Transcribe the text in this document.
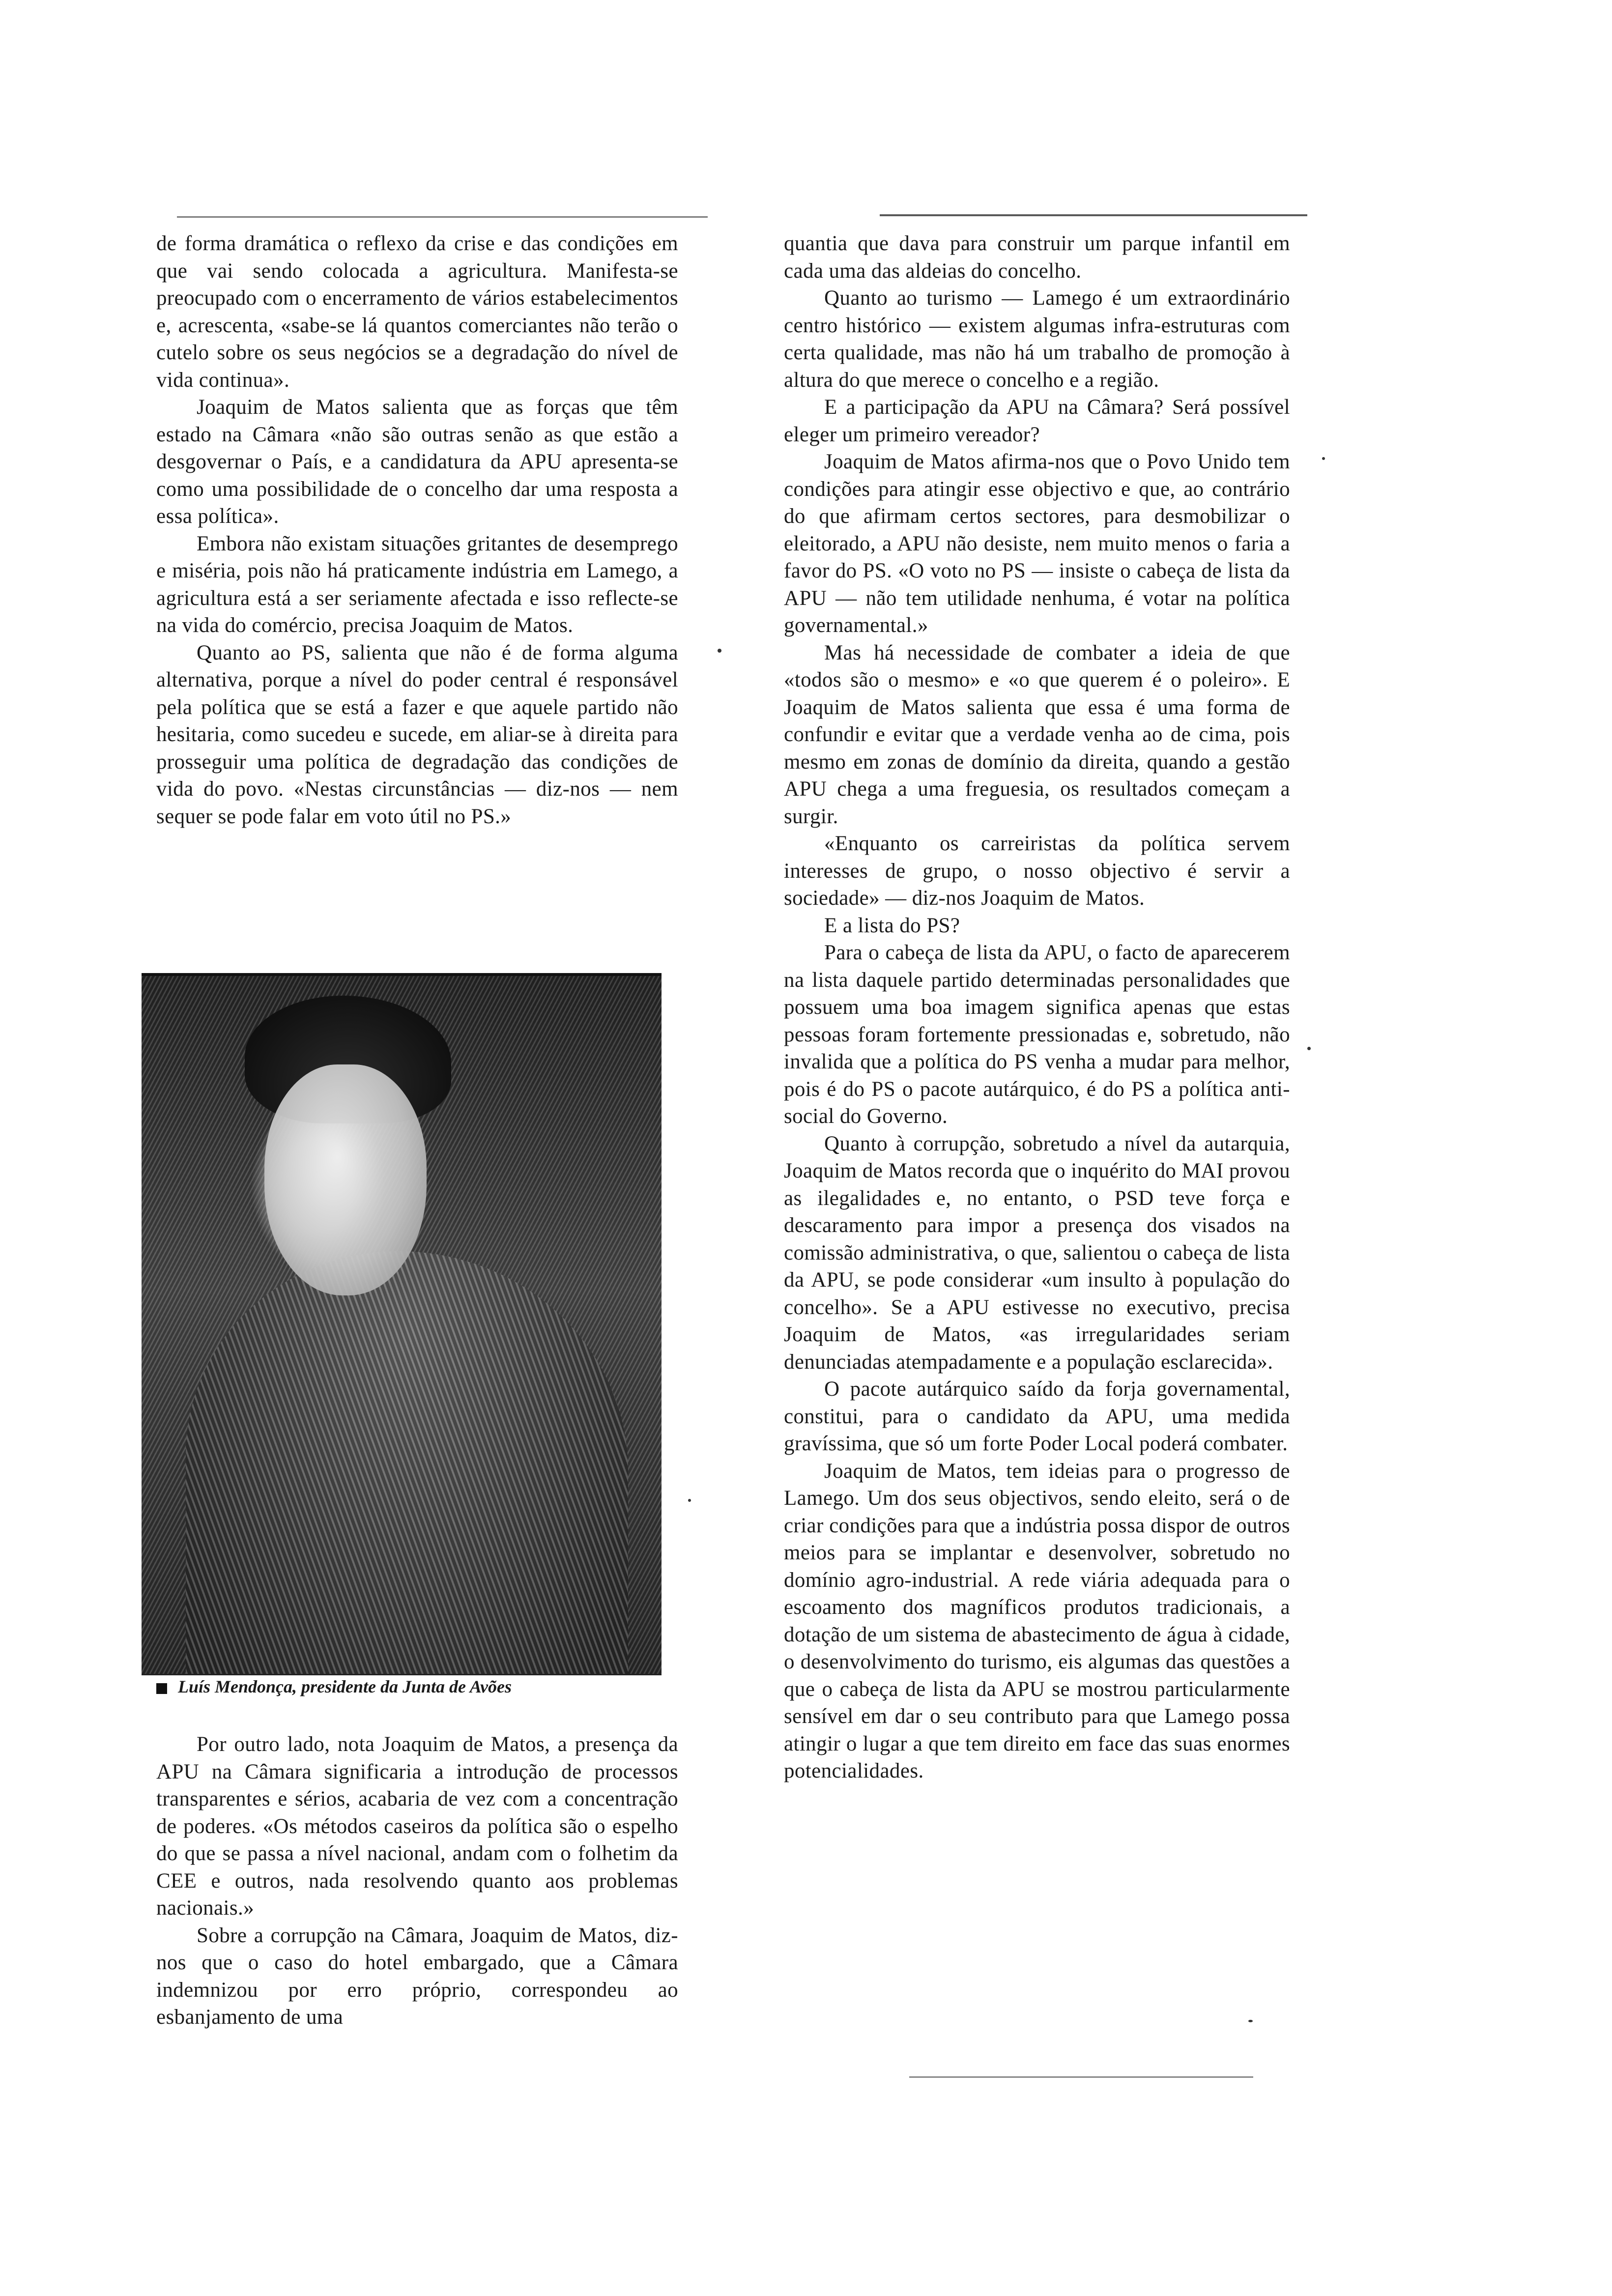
de forma dramática o reflexo da crise e das condições em que vai sendo colocada a agricultura. Manifesta-se preocupado com o encerramento de vários estabelecimentos e, acrescenta, «sabe-se lá quantos comerciantes não terão o cutelo sobre os seus negócios se a degradação do nível de vida continua».

Joaquim de Matos salienta que as forças que têm estado na Câmara «não são outras senão as que estão a desgovernar o País, e a candidatura da APU apresenta-se como uma possibilidade de o concelho dar uma resposta a essa política».

Embora não existam situações gritantes de desemprego e miséria, pois não há praticamente indústria em Lamego, a agricultura está a ser seriamente afectada e isso reflecte-se na vida do comércio, precisa Joaquim de Matos.

Quanto ao PS, salienta que não é de forma alguma alternativa, porque a nível do poder central é responsável pela política que se está a fazer e que aquele partido não hesitaria, como sucedeu e sucede, em aliar-se à direita para prosseguir uma política de degradação das condições de vida do povo. «Nestas circunstâncias — diz-nos — nem sequer se pode falar em voto útil no PS.»

Luís Mendonça, presidente da Junta de Avões

Por outro lado, nota Joaquim de Matos, a presença da APU na Câmara significaria a introdução de processos transparentes e sérios, acabaria de vez com a concentração de poderes. «Os métodos caseiros da política são o espelho do que se passa a nível nacional, andam com o folhetim da CEE e outros, nada resolvendo quanto aos problemas nacionais.»

Sobre a corrupção na Câmara, Joaquim de Matos, diz-nos que o caso do hotel embargado, que a Câmara indemnizou por erro próprio, correspondeu ao esbanjamento de uma

quantia que dava para construir um parque infantil em cada uma das aldeias do concelho.

Quanto ao turismo — Lamego é um extraordinário centro histórico — existem algumas infra-estruturas com certa qualidade, mas não há um trabalho de promoção à altura do que merece o concelho e a região.

E a participação da APU na Câmara? Será possível eleger um primeiro vereador?

Joaquim de Matos afirma-nos que o Povo Unido tem condições para atingir esse objectivo e que, ao contrário do que afirmam certos sectores, para desmobilizar o eleitorado, a APU não desiste, nem muito menos o faria a favor do PS. «O voto no PS — insiste o cabeça de lista da APU — não tem utilidade nenhuma, é votar na política governamental.»

Mas há necessidade de combater a ideia de que «todos são o mesmo» e «o que querem é o poleiro». E Joaquim de Matos salienta que essa é uma forma de confundir e evitar que a verdade venha ao de cima, pois mesmo em zonas de domínio da direita, quando a gestão APU chega a uma freguesia, os resultados começam a surgir.

«Enquanto os carreiristas da política servem interesses de grupo, o nosso objectivo é servir a sociedade» — diz-nos Joaquim de Matos.

E a lista do PS?

Para o cabeça de lista da APU, o facto de aparecerem na lista daquele partido determinadas personalidades que possuem uma boa imagem significa apenas que estas pessoas foram fortemente pressionadas e, sobretudo, não invalida que a política do PS venha a mudar para melhor, pois é do PS o pacote autárquico, é do PS a política anti-social do Governo.

Quanto à corrupção, sobretudo a nível da autarquia, Joaquim de Matos recorda que o inquérito do MAI provou as ilegalidades e, no entanto, o PSD teve força e descaramento para impor a presença dos visados na comissão administrativa, o que, salientou o cabeça de lista da APU, se pode considerar «um insulto à população do concelho». Se a APU estivesse no executivo, precisa Joaquim de Matos, «as irregularidades seriam denunciadas atempadamente e a população esclarecida».

O pacote autárquico saído da forja governamental, constitui, para o candidato da APU, uma medida gravíssima, que só um forte Poder Local poderá combater.

Joaquim de Matos, tem ideias para o progresso de Lamego. Um dos seus objectivos, sendo eleito, será o de criar condições para que a indústria possa dispor de outros meios para se implantar e desenvolver, sobretudo no domínio agro-industrial. A rede viária adequada para o escoamento dos magníficos produtos tradicionais, a dotação de um sistema de abastecimento de água à cidade, o desenvolvimento do turismo, eis algumas das questões a que o cabeça de lista da APU se mostrou particularmente sensível em dar o seu contributo para que Lamego possa atingir o lugar a que tem direito em face das suas enormes potencialidades.
